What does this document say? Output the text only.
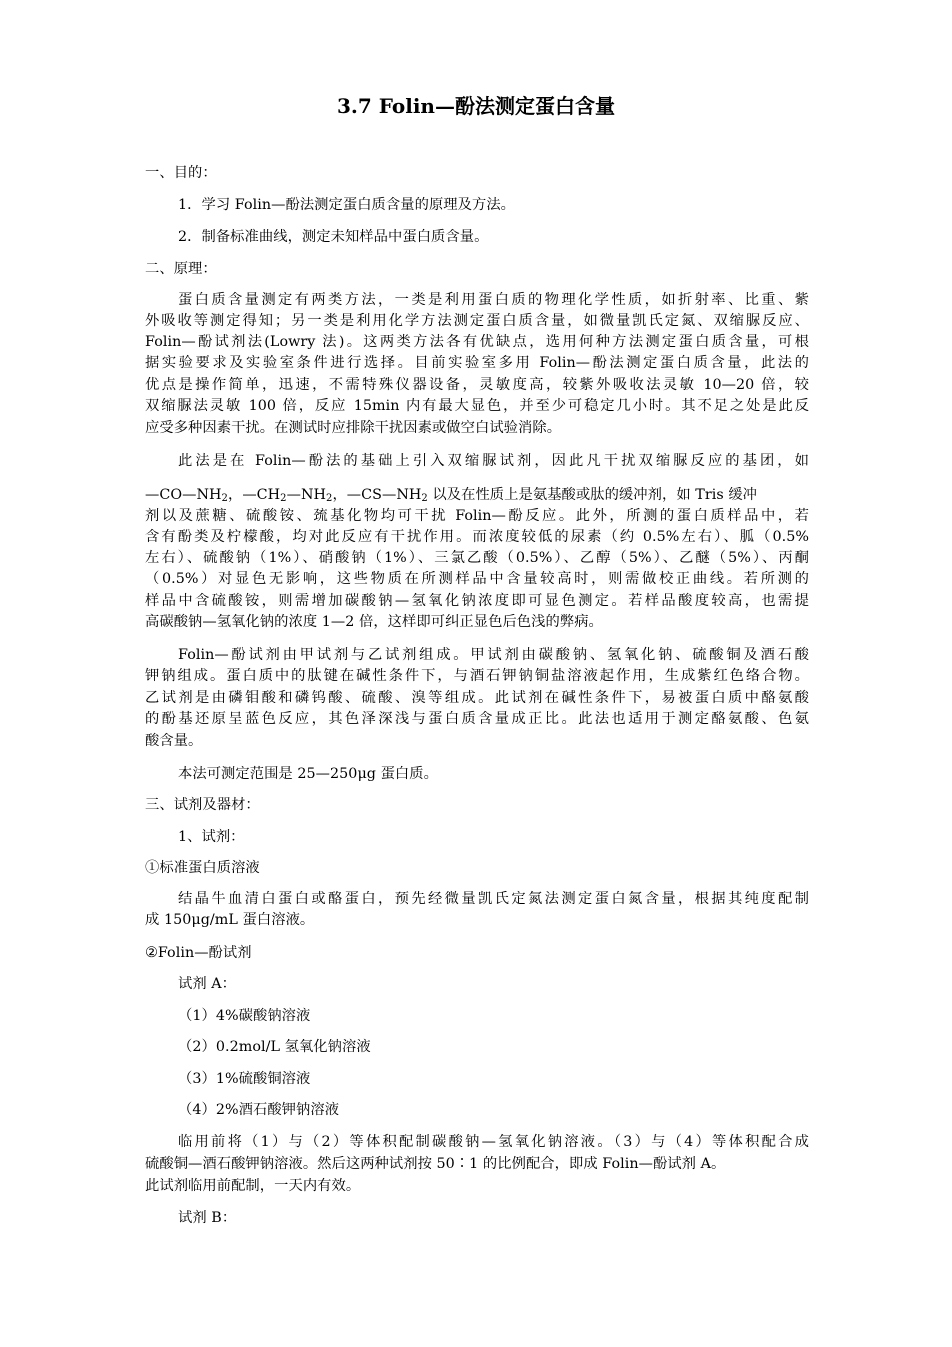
3.7 Folin—酚法测定蛋白含量
一、目的：
1．学习 Folin—酚法测定蛋白质含量的原理及方法。
2．制备标准曲线，测定未知样品中蛋白质含量。
二、原理：
蛋白质含量测定有两类方法，一类是利用蛋白质的物理化学性质，如折射率、比重、紫
外吸收等测定得知；另一类是利用化学方法测定蛋白质含量，如微量凯氏定氮、双缩脲反应、
Folin—酚试剂法(Lowry 法)。这两类方法各有优缺点，选用何种方法测定蛋白质含量，可根
据实验要求及实验室条件进行选择。目前实验室多用 Folin—酚法测定蛋白质含量，此法的
优点是操作简单，迅速，不需特殊仪器设备，灵敏度高，较紫外吸收法灵敏 10—20 倍，较
双缩脲法灵敏 100 倍，反应 15min 内有最大显色，并至少可稳定几小时。其不足之处是此反
应受多种因素干扰。在测试时应排除干扰因素或做空白试验消除。
此法是在 Folin—酚法的基础上引入双缩脲试剂，因此凡干扰双缩脲反应的基团，如
$—CO—NH_2$，$—CH_2—NH_2$，$—CS—NH_2$ 以及在性质上是氨基酸或肽的缓冲剂，如 Tris 缓冲
剂以及蔗糖、硫酸铵、巯基化物均可干扰 Folin—酚反应。此外，所测的蛋白质样品中，若
含有酚类及柠檬酸，均对此反应有干扰作用。而浓度较低的尿素（约 0.5%左右）、胍（0.5%
左右）、硫酸钠（1%）、硝酸钠（1%）、三氯乙酸（0.5%）、乙醇（5%）、乙醚（5%）、丙酮
（0.5%）对显色无影响，这些物质在所测样品中含量较高时，则需做校正曲线。若所测的
样品中含硫酸铵，则需增加碳酸钠—氢氧化钠浓度即可显色测定。若样品酸度较高，也需提
高碳酸钠—氢氧化钠的浓度 1—2 倍，这样即可纠正显色后色浅的弊病。
Folin—酚试剂由甲试剂与乙试剂组成。甲试剂由碳酸钠、氢氧化钠、硫酸铜及酒石酸
钾钠组成。蛋白质中的肽键在碱性条件下，与酒石钾钠铜盐溶液起作用，生成紫红色络合物。
乙试剂是由磷钼酸和磷钨酸、硫酸、溴等组成。此试剂在碱性条件下，易被蛋白质中酪氨酸
的酚基还原呈蓝色反应，其色泽深浅与蛋白质含量成正比。此法也适用于测定酪氨酸、色氨
酸含量。
本法可测定范围是 25—250μg 蛋白质。
三、试剂及器材：
1、试剂：
①标准蛋白质溶液
结晶牛血清白蛋白或酪蛋白，预先经微量凯氏定氮法测定蛋白氮含量，根据其纯度配制
成 150μg/mL 蛋白溶液。
②Folin—酚试剂
试剂 A：
（1）4%碳酸钠溶液
（2）0.2mol/L 氢氧化钠溶液
（3）1%硫酸铜溶液
（4）2%酒石酸钾钠溶液
临用前将（1）与（2）等体积配制碳酸钠—氢氧化钠溶液。（3）与（4）等体积配合成
硫酸铜—酒石酸钾钠溶液。然后这两种试剂按 50∶1 的比例配合，即成 Folin—酚试剂 A。
此试剂临用前配制，一天内有效。
试剂 B：
